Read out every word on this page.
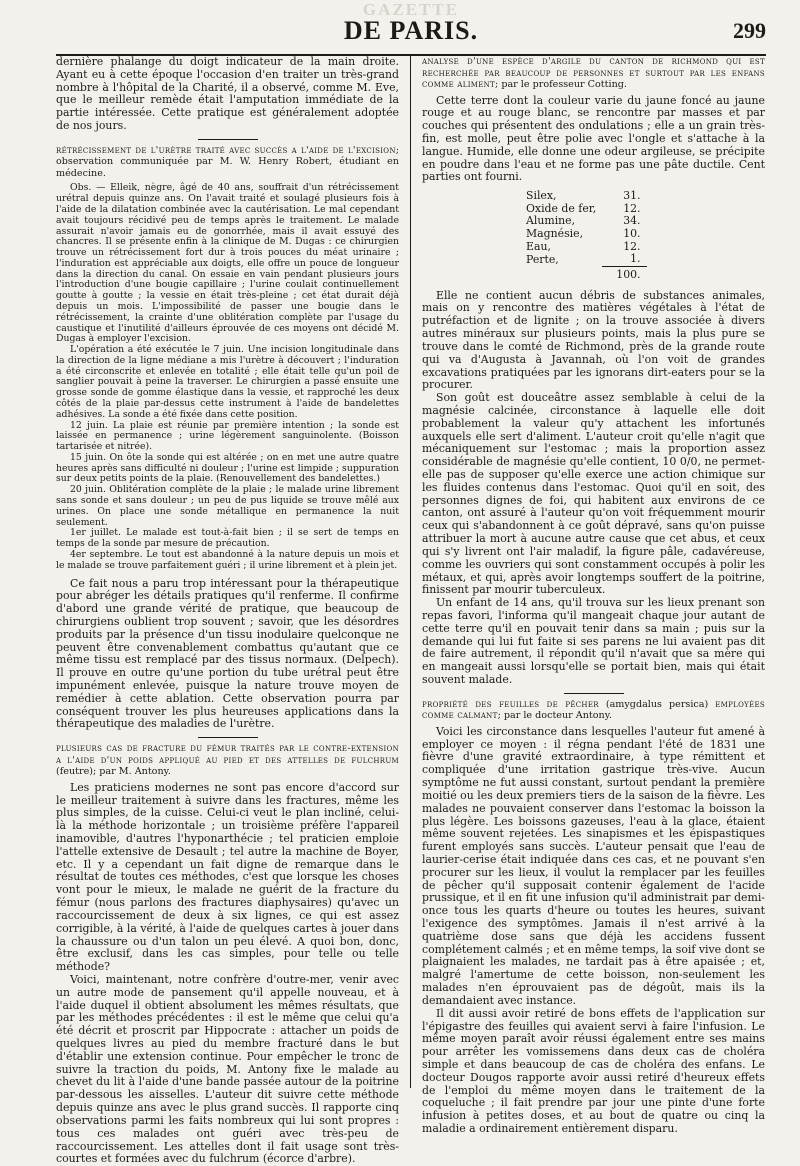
GAZETTE
DE PARIS.	299

dernière phalange du doigt indicateur de la main droite. Ayant eu à cette époque l'occasion d'en traiter un très-grand nombre à l'hôpital de la Charité, il a observé, comme M. Eve, que le meilleur remède était l'amputation immédiate de la partie intéressée. Cette pratique est généralement adoptée de nos jours.

rétrécissement de l'urètre traité avec succès a l'aide de l'excision; observation communiquée par M. W. Henry Robert, étudiant en médecine.

Obs. — Elleik, nègre, âgé de 40 ans, souffrait d'un rétrécissement urétral depuis quinze ans. On l'avait traité et soulagé plusieurs fois à l'aide de la dilatation combinée avec la cautérisation. Le mal cependant avait toujours récidivé peu de temps après le traitement. Le malade assurait n'avoir jamais eu de gonorrhée, mais il avait essuyé des chancres. Il se présente enfin à la clinique de M. Dugas : ce chirurgien trouve un rétrécissement fort dur à trois pouces du méat urinaire ; l'induration est appréciable aux doigts, elle offre un pouce de longueur dans la direction du canal. On essaie en vain pendant plusieurs jours l'introduction d'une bougie capillaire ; l'urine coulait continuellement goutte à goutte ; la vessie en était très-pleine ; cet état durait déjà depuis un mois. L'impossibilité de passer une bougie dans le rétrécissement, la crainte d'une oblitération complète par l'usage du caustique et l'inutilité d'ailleurs éprouvée de ces moyens ont décidé M. Dugas à employer l'excision.

L'opération a été exécutée le 7 juin. Une incision longitudinale dans la direction de la ligne médiane a mis l'urètre à découvert ; l'induration a été circonscrite et enlevée en totalité ; elle était telle qu'un poil de sanglier pouvait à peine la traverser. Le chirurgien a passé ensuite une grosse sonde de gomme élastique dans la vessie, et rapproché les deux côtés de la plaie par-dessus cette instrument à l'aide de bandelettes adhésives. La sonde a été fixée dans cette position.

12 juin. La plaie est réunie par première intention ; la sonde est laissée en permanence ; urine légèrement sanguinolente. (Boisson tartarisée et nitrée).

15 juin. On ôte la sonde qui est altérée ; on en met une autre quatre heures après sans difficulté ni douleur ; l'urine est limpide ; suppuration sur deux petits points de la plaie. (Renouvellement des bandelettes.)

20 juin. Oblitération complète de la plaie ; le malade urine librement sans sonde et sans douleur ; un peu de pus liquide se trouve mêlé aux urines. On place une sonde métallique en permanence la nuit seulement.

1er juillet. Le malade est tout-à-fait bien ; il se sert de temps en temps de la sonde par mesure de précaution.

4er septembre. Le tout est abandonné à la nature depuis un mois et le malade se trouve parfaitement guéri ; il urine librement et à plein jet.

Ce fait nous a paru trop intéressant pour la thérapeutique pour abréger les détails pratiques qu'il renferme. Il confirme d'abord une grande vérité de pratique, que beaucoup de chirurgiens oublient trop souvent ; savoir, que les désordres produits par la présence d'un tissu inodulaire quelconque ne peuvent être convenablement combattus qu'autant que ce même tissu est remplacé par des tissus normaux. (Delpech). Il prouve en outre qu'une portion du tube urétral peut être impunément enlevée, puisque la nature trouve moyen de remédier à cette ablation. Cette observation pourra par conséquent trouver les plus heureuses applications dans la thérapeutique des maladies de l'urètre.

plusieurs cas de fracture du fémur traités par le contre-extension a l'aide d'un poids appliqué au pied et des attelles de fulchrum (feutre); par M. Antony.

Les praticiens modernes ne sont pas encore d'accord sur le meilleur traitement à suivre dans les fractures, même les plus simples, de la cuisse. Celui-ci veut le plan incliné, celui-là la méthode horizontale ; un troisième préfère l'appareil inamovible, d'autres l'hyponarthécie ; tel praticien emploie l'attelle extensive de Desault ; tel autre la machine de Boyer, etc. Il y a cependant un fait digne de remarque dans le résultat de toutes ces méthodes, c'est que lorsque les choses vont pour le mieux, le malade ne guérit de la fracture du fémur (nous parlons des fractures diaphysaires) qu'avec un raccourcissement de deux à six lignes, ce qui est assez corrigible, à la vérité, à l'aide de quelques cartes à jouer dans la chaussure ou d'un talon un peu élevé. A quoi bon, donc, être exclusif, dans les cas simples, pour telle ou telle méthode?

Voici, maintenant, notre confrère d'outre-mer, venir avec un autre mode de pansement qu'il appelle nouveau, et à l'aide duquel il obtient absolument les mêmes résultats, que par les méthodes précédentes : il est le même que celui qu'a été décrit et proscrit par Hippocrate : attacher un poids de quelques livres au pied du membre fracturé dans le but d'établir une extension continue. Pour empêcher le tronc de suivre la traction du poids, M. Antony fixe le malade au chevet du lit à l'aide d'une bande passée autour de la poitrine par-dessous les aisselles. L'auteur dit suivre cette méthode depuis quinze ans avec le plus grand succès. Il rapporte cinq observations parmi les faits nombreux qui lui sont propres : tous ces malades ont guéri avec très-peu de raccourcissement. Les attelles dont il fait usage sont très-courtes et formées avec du fulchrum (écorce d'arbre).

analyse d'une espèce d'argile du canton de richmond qui est recherchée par beaucoup de personnes et surtout par les enfans comme aliment; par le professeur Cotting.

Cette terre dont la couleur varie du jaune foncé au jaune rouge et au rouge blanc, se rencontre par masses et par couches qui présentent des ondulations ; elle a un grain très-fin, est molle, peut être polie avec l'ongle et s'attache à la langue. Humide, elle donne une odeur argileuse, se précipite en poudre dans l'eau et ne forme pas une pâte ductile. Cent parties ont fourni.

Silex,	31.
Oxide de fer,	12.
Alumine,	34.
Magnésie,	10.
Eau,	12.
Perte,	1.
	100.

Elle ne contient aucun débris de substances animales, mais on y rencontre des matières végétales à l'état de putréfaction et de lignite ; on la trouve associée à divers autres minéraux sur plusieurs points, mais la plus pure se trouve dans le comté de Richmond, près de la grande route qui va d'Augusta à Javannah, où l'on voit de grandes excavations pratiquées par les ignorans dirt-eaters pour se la procurer.

Son goût est douceâtre assez semblable à celui de la magnésie calcinée, circonstance à laquelle elle doit probablement la valeur qu'y attachent les infortunés auxquels elle sert d'aliment. L'auteur croit qu'elle n'agit que mécaniquement sur l'estomac ; mais la proportion assez considérable de magnésie qu'elle contient, 10 0/0, ne permet-elle pas de supposer qu'elle exerce une action chimique sur les fluides contenus dans l'estomac. Quoi qu'il en soit, des personnes dignes de foi, qui habitent aux environs de ce canton, ont assuré à l'auteur qu'on voit fréquemment mourir ceux qui s'abandonnent à ce goût dépravé, sans qu'on puisse attribuer la mort à aucune autre cause que cet abus, et ceux qui s'y livrent ont l'air maladif, la figure pâle, cadavéreuse, comme les ouvriers qui sont constamment occupés à polir les métaux, et qui, après avoir longtemps souffert de la poitrine, finissent par mourir tuberculeux.

Un enfant de 14 ans, qu'il trouva sur les lieux prenant son repas favori, l'informa qu'il mangeait chaque jour autant de cette terre qu'il en pouvait tenir dans sa main ; puis sur la demande qui lui fut faite si ses parens ne lui avaient pas dit de faire autrement, il répondit qu'il n'avait que sa mère qui en mangeait aussi lorsqu'elle se portait bien, mais qui était souvent malade.

propriété des feuilles de pêcher (amygdalus persica) employées comme calmant; par le docteur Antony.

Voici les circonstance dans lesquelles l'auteur fut amené à employer ce moyen : il régna pendant l'été de 1831 une fièvre d'une gravité extraordinaire, à type rémittent et compliquée d'une irritation gastrique très-vive. Aucun symptôme ne fut aussi constant, surtout pendant la première moitié ou les deux premiers tiers de la saison de la fièvre. Les malades ne pouvaient conserver dans l'estomac la boisson la plus légère. Les boissons gazeuses, l'eau à la glace, étaient même souvent rejetées. Les sinapismes et les épispastiques furent employés sans succès. L'auteur pensait que l'eau de laurier-cerise était indiquée dans ces cas, et ne pouvant s'en procurer sur les lieux, il voulut la remplacer par les feuilles de pêcher qu'il supposait contenir également de l'acide prussique, et il en fit une infusion qu'il administrait par demi-once tous les quarts d'heure ou toutes les heures, suivant l'exigence des symptômes. Jamais il n'est arrivé à la quatrième dose sans que déjà les accidens fussent complétement calmés ; et en même temps, la soif vive dont se plaignaient les malades, ne tardait pas à être apaisée ; et, malgré l'amertume de cette boisson, non-seulement les malades n'en éprouvaient pas de dégoût, mais ils la demandaient avec instance.

Il dit aussi avoir retiré de bons effets de l'application sur l'épigastre des feuilles qui avaient servi à faire l'infusion. Le même moyen paraît avoir réussi également entre ses mains pour arrêter les vomissemens dans deux cas de choléra simple et dans beaucoup de cas de choléra des enfans. Le docteur Dougos rapporte avoir aussi retiré d'heureux effets de l'emploi du même moyen dans le traitement de la coqueluche ; il fait prendre par jour une pinte d'une forte infusion à petites doses, et au bout de quatre ou cinq la maladie a ordinairement entièrement disparu.
